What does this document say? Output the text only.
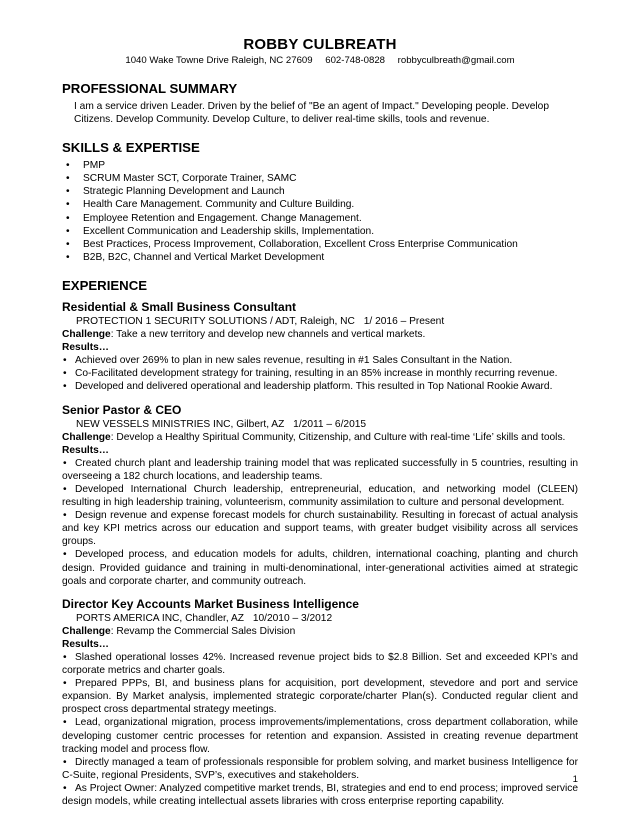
ROBBY CULBREATH
1040 Wake Towne Drive Raleigh, NC 27609 602-748-0828 robbyculbreath@gmail.com
PROFESSIONAL SUMMARY
I am a service driven Leader. Driven by the belief of "Be an agent of Impact." Developing people. Develop Citizens. Develop Community. Develop Culture, to deliver real-time skills, tools and revenue.
SKILLS & EXPERTISE
• PMP
• SCRUM Master SCT, Corporate Trainer, SAMC
• Strategic Planning Development and Launch
• Health Care Management. Community and Culture Building.
• Employee Retention and Engagement. Change Management.
• Excellent Communication and Leadership skills, Implementation.
• Best Practices, Process Improvement, Collaboration, Excellent Cross Enterprise Communication
• B2B, B2C, Channel and Vertical Market Development
EXPERIENCE
Residential & Small Business Consultant
PROTECTION 1 SECURITY SOLUTIONS / ADT, Raleigh, NC 1/ 2016 – Present
Challenge: Take a new territory and develop new channels and vertical markets.
Results…
• Achieved over 269% to plan in new sales revenue, resulting in #1 Sales Consultant in the Nation.
• Co-Facilitated development strategy for training, resulting in an 85% increase in monthly recurring revenue.
• Developed and delivered operational and leadership platform. This resulted in Top National Rookie Award.
Senior Pastor & CEO
NEW VESSELS MINISTRIES INC, Gilbert, AZ 1/2011 – 6/2015
Challenge: Develop a Healthy Spiritual Community, Citizenship, and Culture with real-time ‘Life’ skills and tools.
Results…
• Created church plant and leadership training model that was replicated successfully in 5 countries, resulting in overseeing a 182 church locations, and leadership teams.
• Developed International Church leadership, entrepreneurial, education, and networking model (CLEEN) resulting in high leadership training, volunteerism, community assimilation to culture and personal development.
• Design revenue and expense forecast models for church sustainability. Resulting in forecast of actual analysis and key KPI metrics across our education and support teams, with greater budget visibility across all services groups.
• Developed process, and education models for adults, children, international coaching, planting and church design. Provided guidance and training in multi-denominational, inter-generational activities aimed at strategic goals and corporate charter, and community outreach.
Director Key Accounts Market Business Intelligence
PORTS AMERICA INC, Chandler, AZ 10/2010 – 3/2012
Challenge: Revamp the Commercial Sales Division
Results…
• Slashed operational losses 42%. Increased revenue project bids to $2.8 Billion. Set and exceeded KPI’s and corporate metrics and charter goals.
• Prepared PPPs, BI, and business plans for acquisition, port development, stevedore and port and service expansion. By Market analysis, implemented strategic corporate/charter Plan(s). Conducted regular client and prospect cross departmental strategy meetings.
• Lead, organizational migration, process improvements/implementations, cross department collaboration, while developing customer centric processes for retention and expansion. Assisted in creating revenue department tracking model and process flow.
• Directly managed a team of professionals responsible for problem solving, and market business Intelligence for C-Suite, regional Presidents, SVP’s, executives and stakeholders.
• As Project Owner: Analyzed competitive market trends, BI, strategies and end to end process; improved service design models, while creating intellectual assets libraries with cross enterprise reporting capability.
1
